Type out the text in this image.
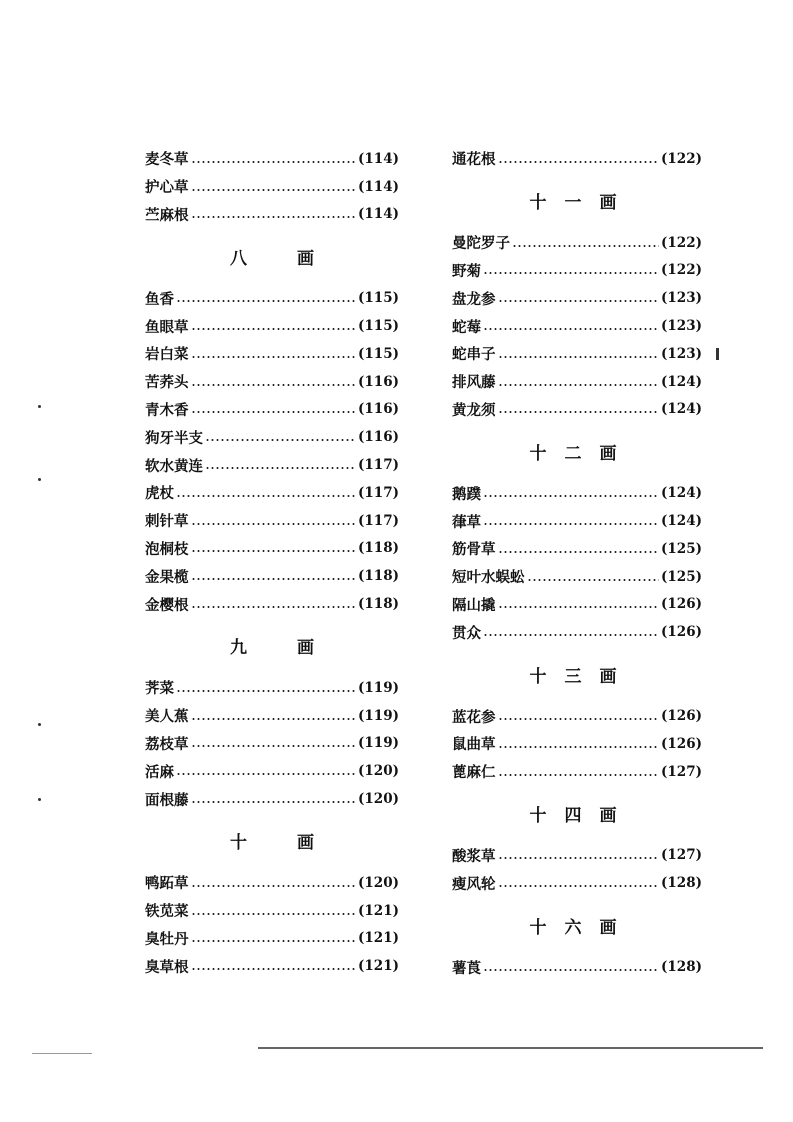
麦冬草	(114)
护心草	(114)
苎麻根	(114)
八画
鱼香	(115)
鱼眼草	(115)
岩白菜	(115)
苦荞头	(116)
青木香	(116)
狗牙半支	(116)
软水黄连	(117)
虎杖	(117)
刺针草	(117)
泡桐枝	(118)
金果榄	(118)
金樱根	(118)
九画
荠菜	(119)
美人蕉	(119)
荔枝草	(119)
活麻	(120)
面根藤	(120)
十画
鸭跖草	(120)
铁苋菜	(121)
臭牡丹	(121)
臭草根	(121)
通花根	(122)
十一画
曼陀罗子	(122)
野菊	(122)
盘龙参	(123)
蛇莓	(123)
蛇串子	(123)
排风藤	(124)
黄龙须	(124)
十二画
鹅蹼	(124)
葎草	(124)
筋骨草	(125)
短叶水蜈蚣	(125)
隔山撬	(126)
贯众	(126)
十三画
蓝花参	(126)
鼠曲草	(126)
蓖麻仁	(127)
十四画
酸浆草	(127)
瘦风轮	(128)
十六画
薯莨	(128)
